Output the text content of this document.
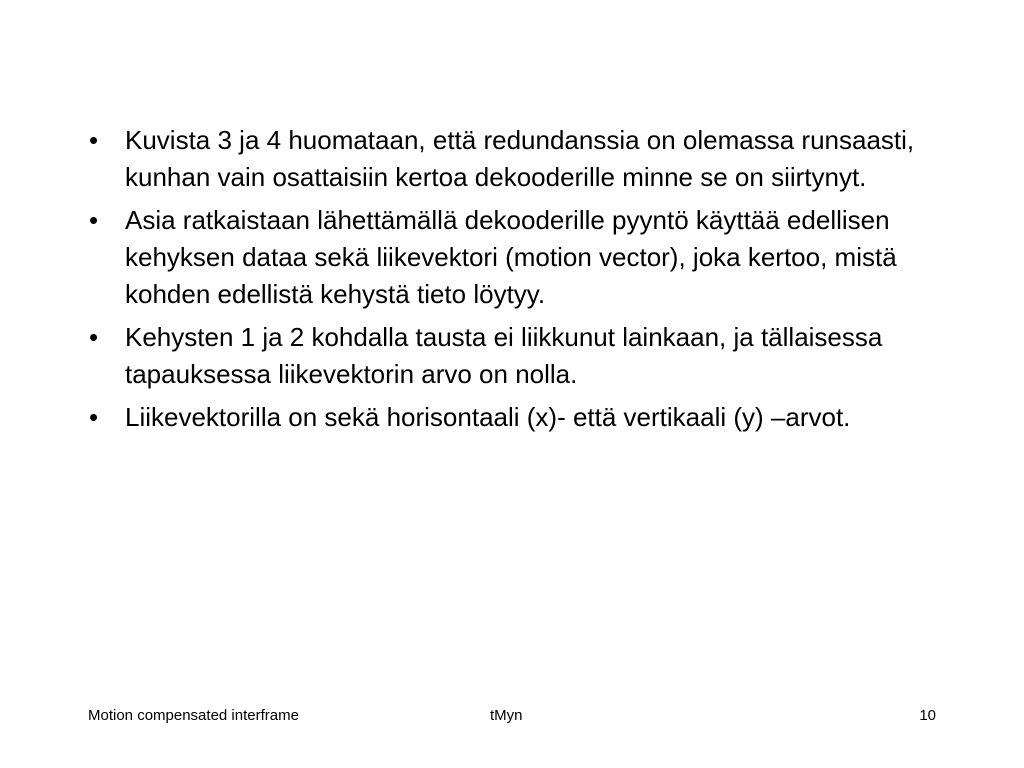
• Kuvista 3 ja 4 huomataan, että redundanssia on olemassa runsaasti, kunhan vain osattaisiin kertoa dekooderille minne se on siirtynyt.
• Asia ratkaistaan lähettämällä dekooderille pyyntö käyttää edellisen kehyksen dataa sekä liikevektori (motion vector), joka kertoo, mistä kohden edellistä kehystä tieto löytyy.
• Kehysten 1 ja 2 kohdalla tausta ei liikkunut lainkaan, ja tällaisessa tapauksessa liikevektorin arvo on nolla.
• Liikevektorilla on sekä horisontaali (x)- että vertikaali (y) –arvot.
Motion compensated interframe	tMyn	10
